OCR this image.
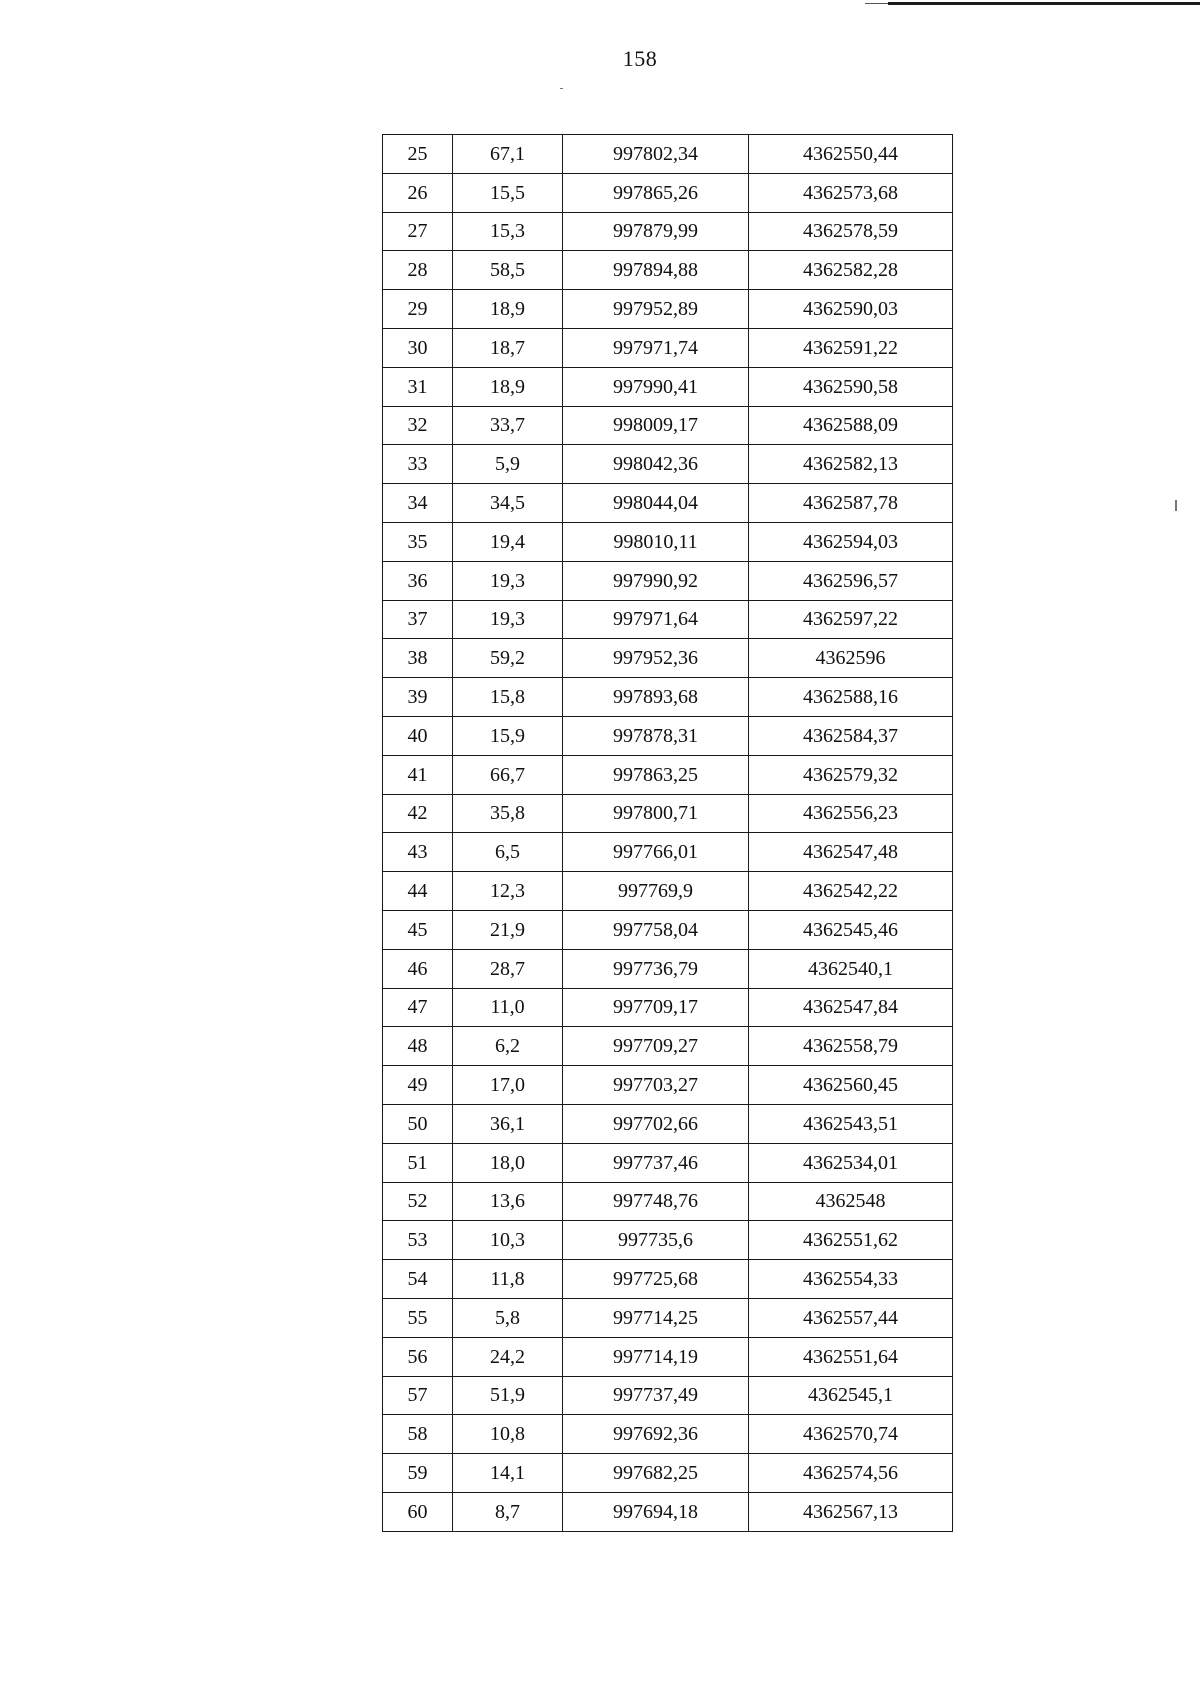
158
25	67,1	997802,34	4362550,44
26	15,5	997865,26	4362573,68
27	15,3	997879,99	4362578,59
28	58,5	997894,88	4362582,28
29	18,9	997952,89	4362590,03
30	18,7	997971,74	4362591,22
31	18,9	997990,41	4362590,58
32	33,7	998009,17	4362588,09
33	5,9	998042,36	4362582,13
34	34,5	998044,04	4362587,78
35	19,4	998010,11	4362594,03
36	19,3	997990,92	4362596,57
37	19,3	997971,64	4362597,22
38	59,2	997952,36	4362596
39	15,8	997893,68	4362588,16
40	15,9	997878,31	4362584,37
41	66,7	997863,25	4362579,32
42	35,8	997800,71	4362556,23
43	6,5	997766,01	4362547,48
44	12,3	997769,9	4362542,22
45	21,9	997758,04	4362545,46
46	28,7	997736,79	4362540,1
47	11,0	997709,17	4362547,84
48	6,2	997709,27	4362558,79
49	17,0	997703,27	4362560,45
50	36,1	997702,66	4362543,51
51	18,0	997737,46	4362534,01
52	13,6	997748,76	4362548
53	10,3	997735,6	4362551,62
54	11,8	997725,68	4362554,33
55	5,8	997714,25	4362557,44
56	24,2	997714,19	4362551,64
57	51,9	997737,49	4362545,1
58	10,8	997692,36	4362570,74
59	14,1	997682,25	4362574,56
60	8,7	997694,18	4362567,13
